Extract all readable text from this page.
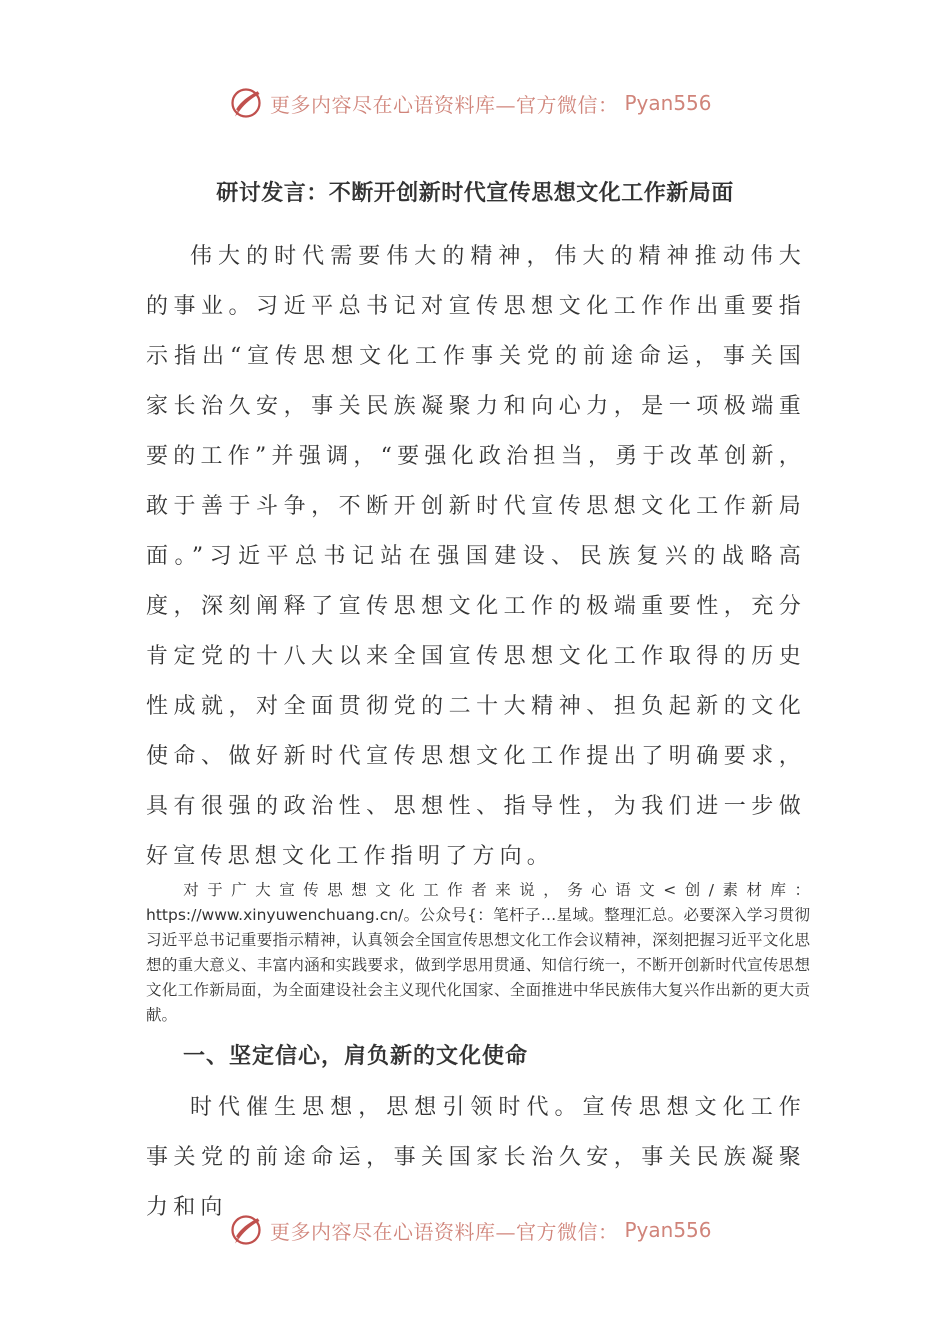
更多内容尽在心语资料库—官方微信： Pyan556
研讨发言：不断开创新时代宣传思想文化工作新局面

伟大的时代需要伟大的精神，伟大的精神推动伟大的事业。习近平总书记对宣传思想文化工作作出重要指示指出“宣传思想文化工作事关党的前途命运，事关国家长治久安，事关民族凝聚力和向心力，是一项极端重要的工作”并强调，“要强化政治担当，勇于改革创新，敢于善于斗争，不断开创新时代宣传思想文化工作新局面。”习近平总书记站在强国建设、民族复兴的战略高度，深刻阐释了宣传思想文化工作的极端重要性，充分肯定党的十八大以来全国宣传思想文化工作取得的历史性成就，对全面贯彻党的二十大精神、担负起新的文化使命、做好新时代宣传思想文化工作提出了明确要求，具有很强的政治性、思想性、指导性，为我们进一步做好宣传思想文化工作指明了方向。

对于广大宣传思想文化工作者来说，务心语文<创/素材库：https://www.xinyuwenchuang.cn/。公众号{：笔杆子…星域。整理汇总。必要深入学习贯彻习近平总书记重要指示精神，认真领会全国宣传思想文化工作会议精神，深刻把握习近平文化思想的重大意义、丰富内涵和实践要求，做到学思用贯通、知信行统一，不断开创新时代宣传思想文化工作新局面，为全面建设社会主义现代化国家、全面推进中华民族伟大复兴作出新的更大贡献。

一、坚定信心，肩负新的文化使命

时代催生思想，思想引领时代。宣传思想文化工作事关党的前途命运，事关国家长治久安，事关民族凝聚力和向

更多内容尽在心语资料库—官方微信： Pyan556
